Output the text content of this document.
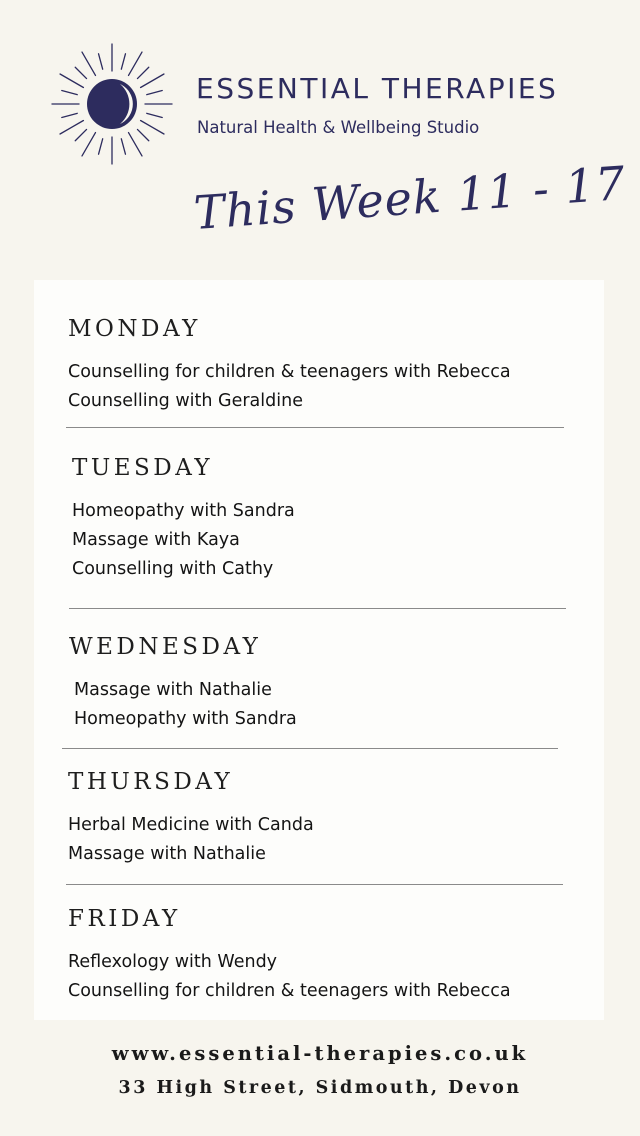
ESSENTIAL THERAPIES
Natural Health & Wellbeing Studio
This Week 11 - 17
MONDAY
Counselling for children & teenagers with Rebecca
Counselling with Geraldine
TUESDAY
Homeopathy with Sandra
Massage with Kaya
Counselling with Cathy
WEDNESDAY
Massage with Nathalie
Homeopathy with Sandra
THURSDAY
Herbal Medicine with Canda
Massage with Nathalie
FRIDAY
Reflexology with Wendy
Counselling for children & teenagers with Rebecca
www.essential-therapies.co.uk
33 High Street, Sidmouth, Devon
